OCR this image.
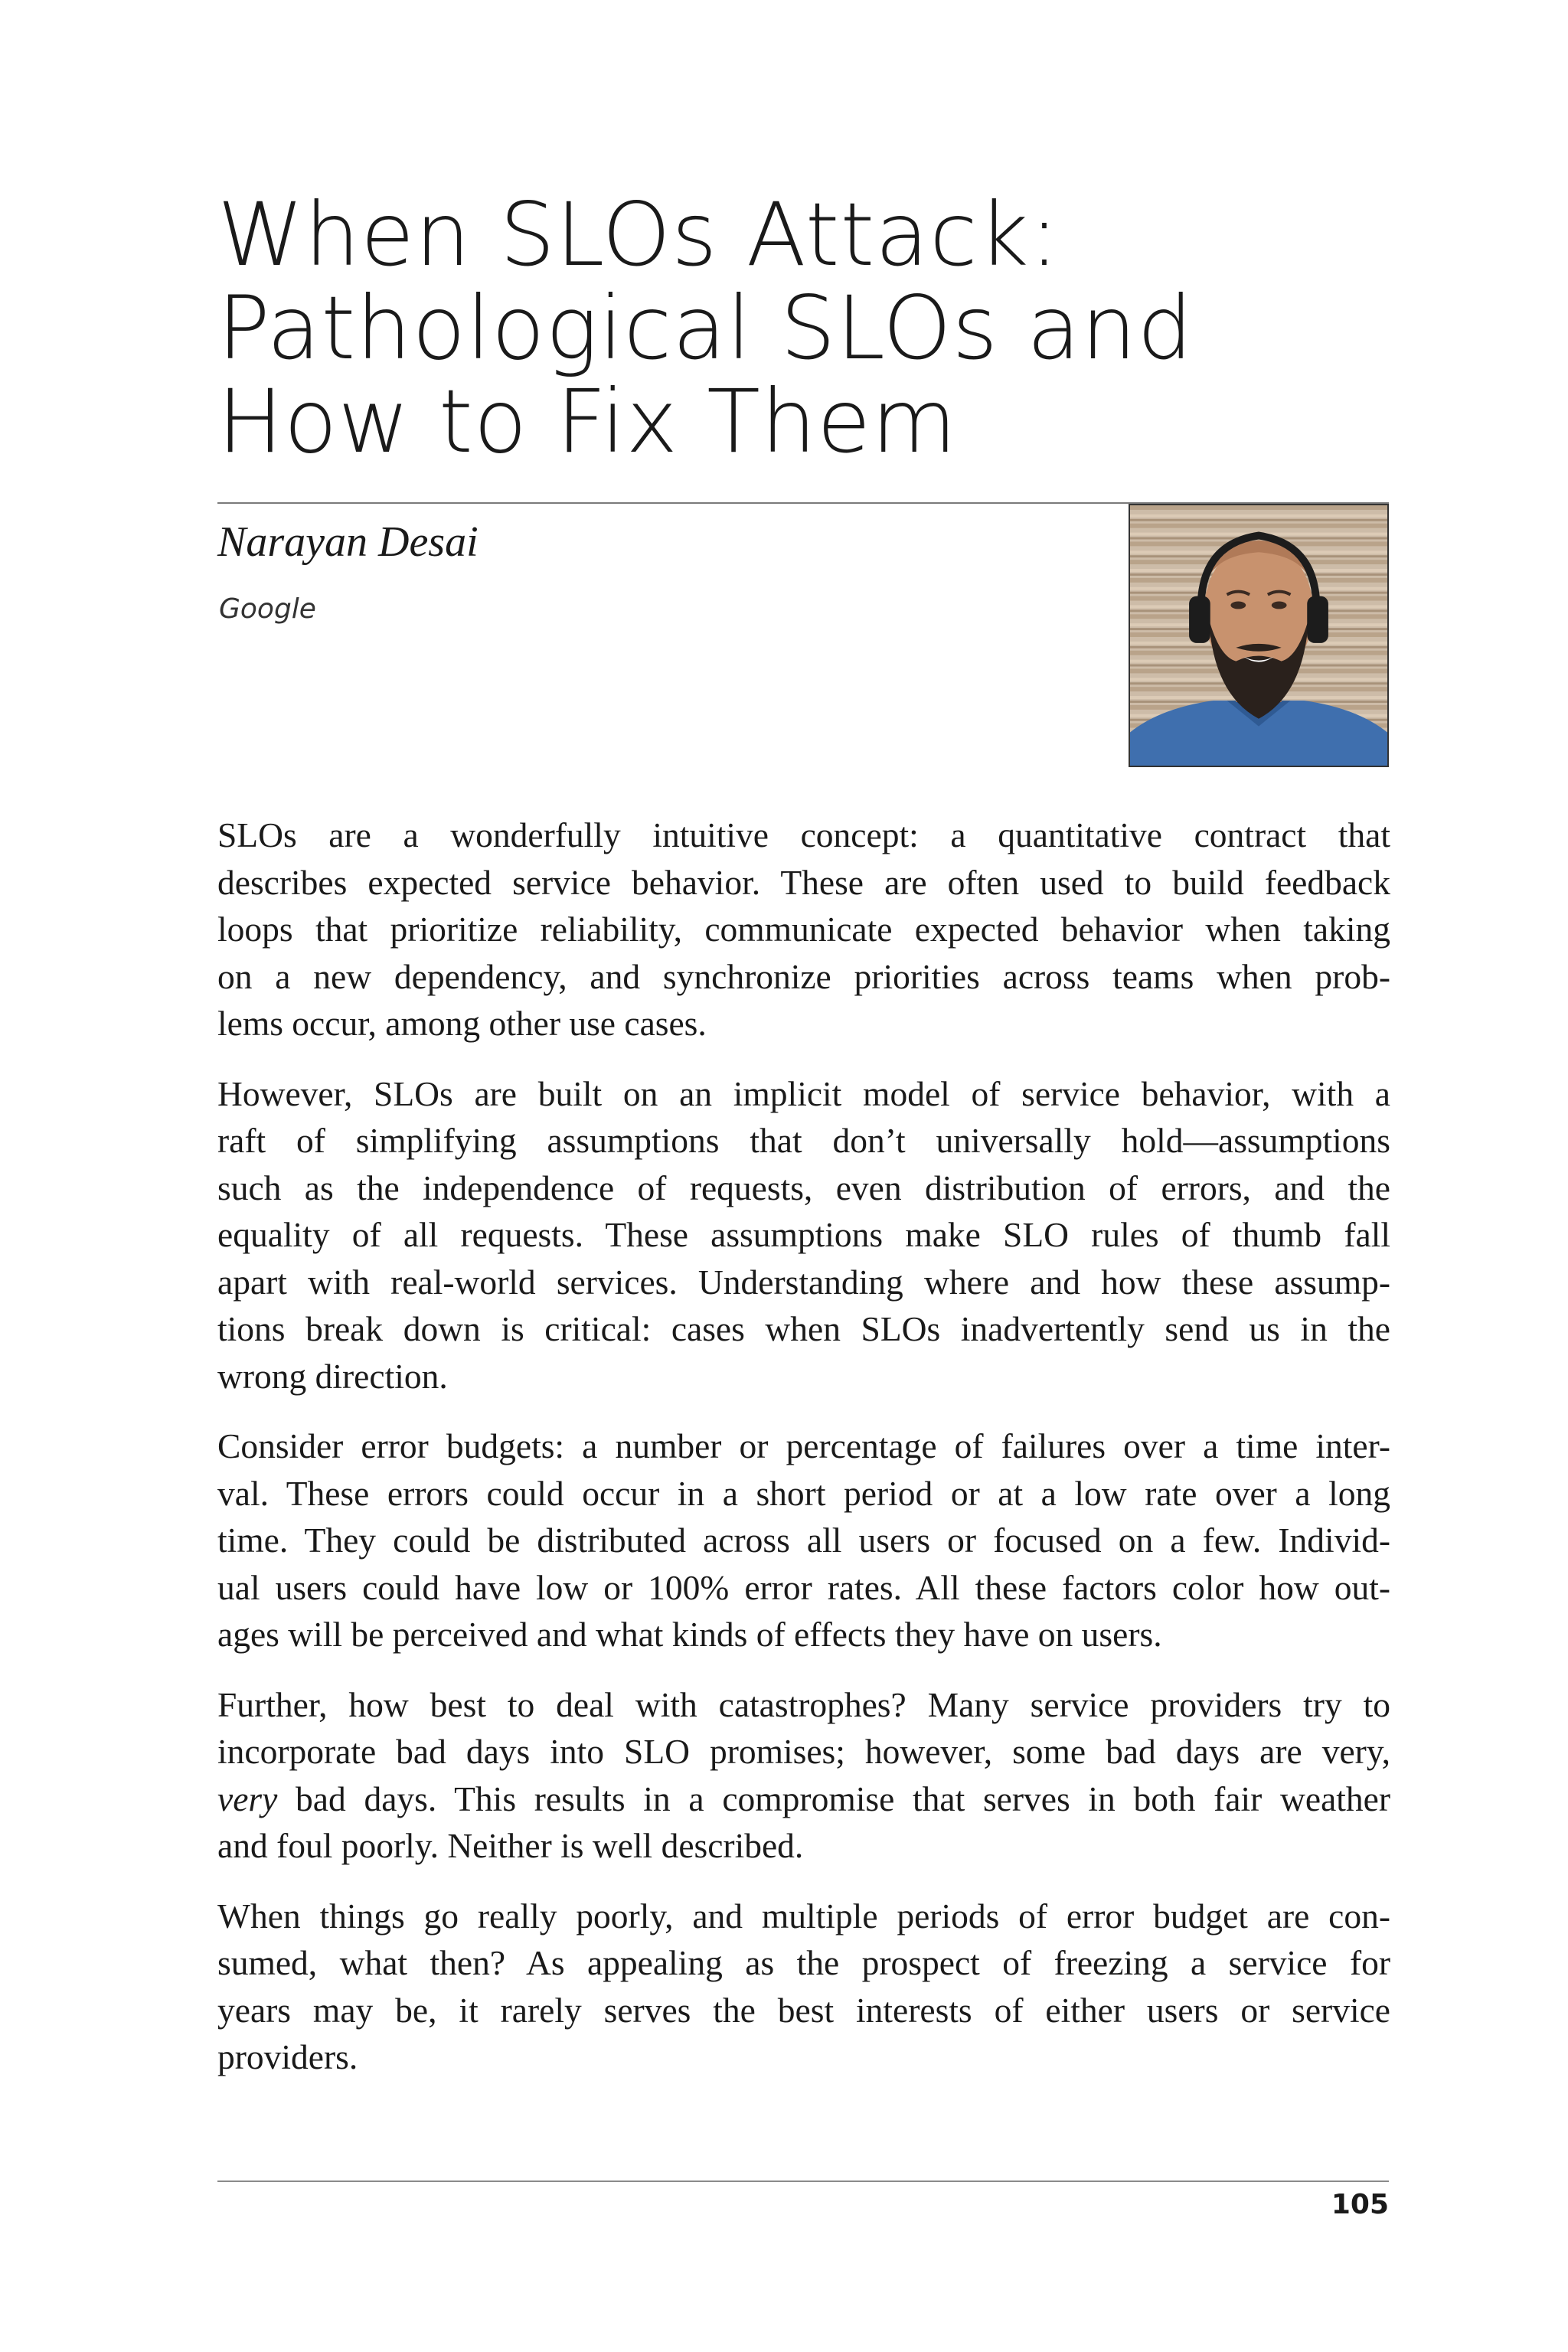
When SLOs Attack:
Pathological SLOs and
How to Fix Them
Narayan Desai
Google

SLOs are a wonderfully intuitive concept: a quantitative contract that
describes expected service behavior. These are often used to build feedback
loops that prioritize reliability, communicate expected behavior when taking
on a new dependency, and synchronize priorities across teams when prob-
lems occur, among other use cases.

However, SLOs are built on an implicit model of service behavior, with a
raft of simplifying assumptions that don’t universally hold—assumptions
such as the independence of requests, even distribution of errors, and the
equality of all requests. These assumptions make SLO rules of thumb fall
apart with real-world services. Understanding where and how these assump-
tions break down is critical: cases when SLOs inadvertently send us in the
wrong direction.

Consider error budgets: a number or percentage of failures over a time inter-
val. These errors could occur in a short period or at a low rate over a long
time. They could be distributed across all users or focused on a few. Individ-
ual users could have low or 100% error rates. All these factors color how out-
ages will be perceived and what kinds of effects they have on users.

Further, how best to deal with catastrophes? Many service providers try to
incorporate bad days into SLO promises; however, some bad days are very,
very bad days. This results in a compromise that serves in both fair weather
and foul poorly. Neither is well described.

When things go really poorly, and multiple periods of error budget are con-
sumed, what then? As appealing as the prospect of freezing a service for
years may be, it rarely serves the best interests of either users or service
providers.

105
